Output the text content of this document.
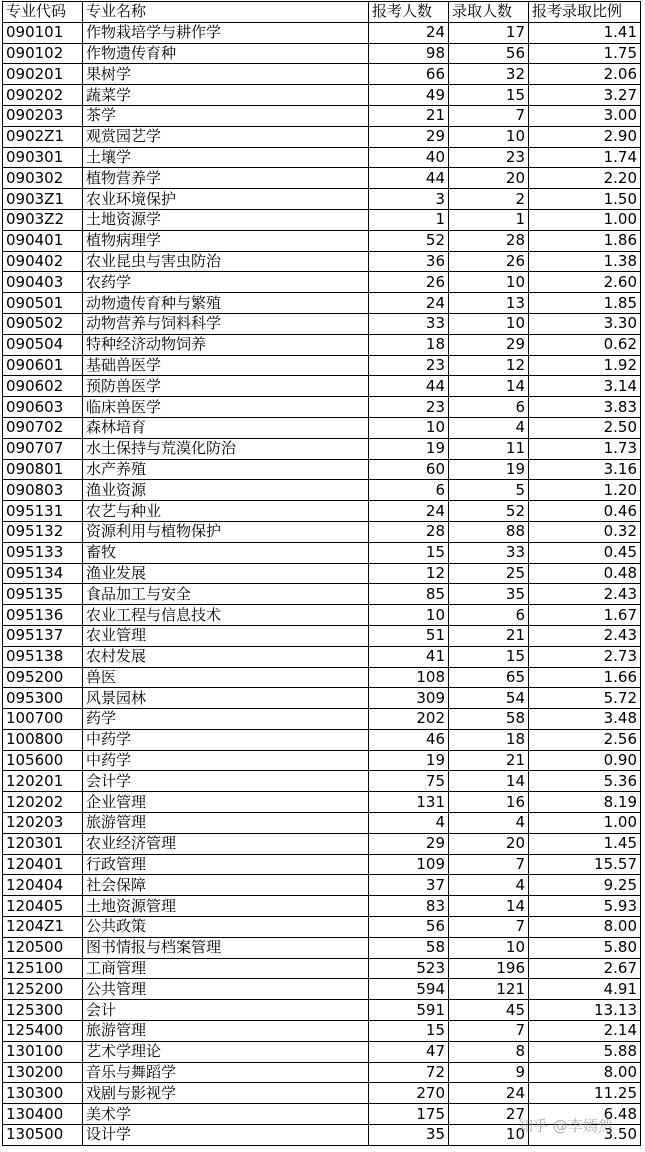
专业代码	专业名称	报考人数	录取人数	报考录取比例
090101	作物栽培学与耕作学	24	17	1.41
090102	作物遗传育种	98	56	1.75
090201	果树学	66	32	2.06
090202	蔬菜学	49	15	3.27
090203	茶学	21	7	3.00
0902Z1	观赏园艺学	29	10	2.90
090301	土壤学	40	23	1.74
090302	植物营养学	44	20	2.20
0903Z1	农业环境保护	3	2	1.50
0903Z2	土地资源学	1	1	1.00
090401	植物病理学	52	28	1.86
090402	农业昆虫与害虫防治	36	26	1.38
090403	农药学	26	10	2.60
090501	动物遗传育种与繁殖	24	13	1.85
090502	动物营养与饲料科学	33	10	3.30
090504	特种经济动物饲养	18	29	0.62
090601	基础兽医学	23	12	1.92
090602	预防兽医学	44	14	3.14
090603	临床兽医学	23	6	3.83
090702	森林培育	10	4	2.50
090707	水土保持与荒漠化防治	19	11	1.73
090801	水产养殖	60	19	3.16
090803	渔业资源	6	5	1.20
095131	农艺与种业	24	52	0.46
095132	资源利用与植物保护	28	88	0.32
095133	畜牧	15	33	0.45
095134	渔业发展	12	25	0.48
095135	食品加工与安全	85	35	2.43
095136	农业工程与信息技术	10	6	1.67
095137	农业管理	51	21	2.43
095138	农村发展	41	15	2.73
095200	兽医	108	65	1.66
095300	风景园林	309	54	5.72
100700	药学	202	58	3.48
100800	中药学	46	18	2.56
105600	中药学	19	21	0.90
120201	会计学	75	14	5.36
120202	企业管理	131	16	8.19
120203	旅游管理	4	4	1.00
120301	农业经济管理	29	20	1.45
120401	行政管理	109	7	15.57
120404	社会保障	37	4	9.25
120405	土地资源管理	83	14	5.93
1204Z1	公共政策	56	7	8.00
120500	图书情报与档案管理	58	10	5.80
125100	工商管理	523	196	2.67
125200	公共管理	594	121	4.91
125300	会计	591	45	13.13
125400	旅游管理	15	7	2.14
130100	艺术学理论	47	8	5.88
130200	音乐与舞蹈学	72	9	8.00
130300	戏剧与影视学	270	24	11.25
130400	美术学	175	27	6.48
130500	设计学	35	10	3.50
知乎 @李嫣然
